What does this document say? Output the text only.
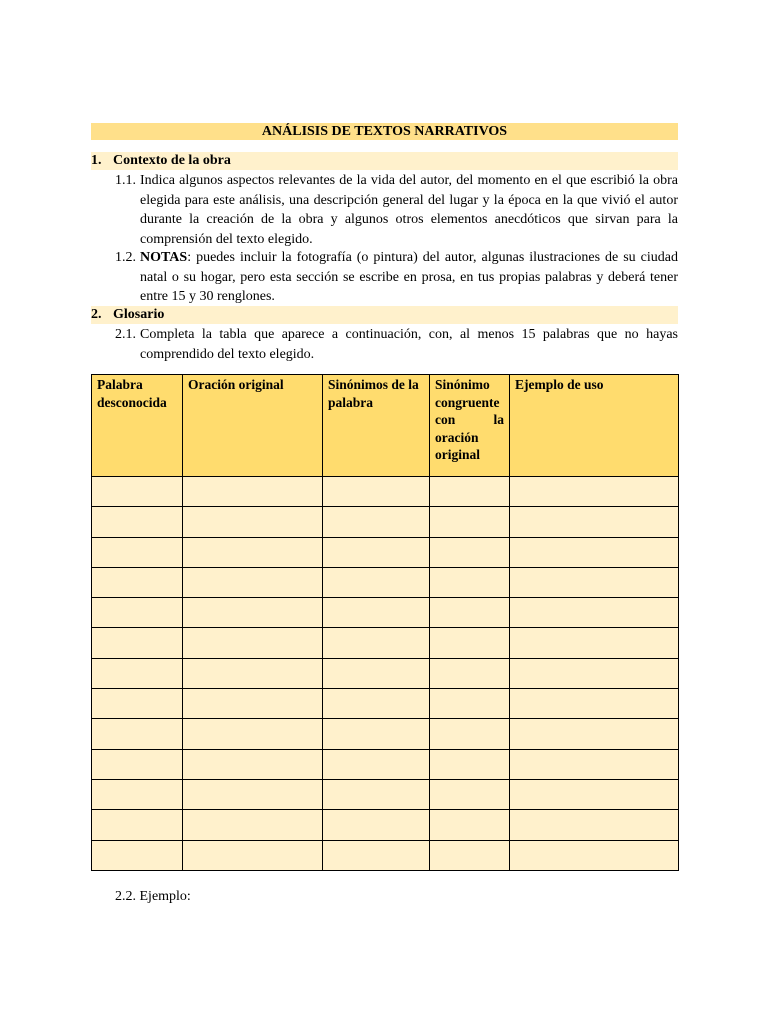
ANÁLISIS DE TEXTOS NARRATIVOS
1. Contexto de la obra
1.1. Indica algunos aspectos relevantes de la vida del autor, del momento en el que escribió la obra elegida para este análisis, una descripción general del lugar y la época en la que vivió el autor durante la creación de la obra y algunos otros elementos anecdóticos que sirvan para la comprensión del texto elegido.
1.2. NOTAS: puedes incluir la fotografía (o pintura) del autor, algunas ilustraciones de su ciudad natal o su hogar, pero esta sección se escribe en prosa, en tus propias palabras y deberá tener entre 15 y 30 renglones.
2. Glosario
2.1. Completa la tabla que aparece a continuación, con, al menos 15 palabras que no hayas comprendido del texto elegido.
Palabra desconocida	Oración original	Sinónimos de la palabra	Sinónimo congruente con la oración original	Ejemplo de uso

2.2. Ejemplo:
